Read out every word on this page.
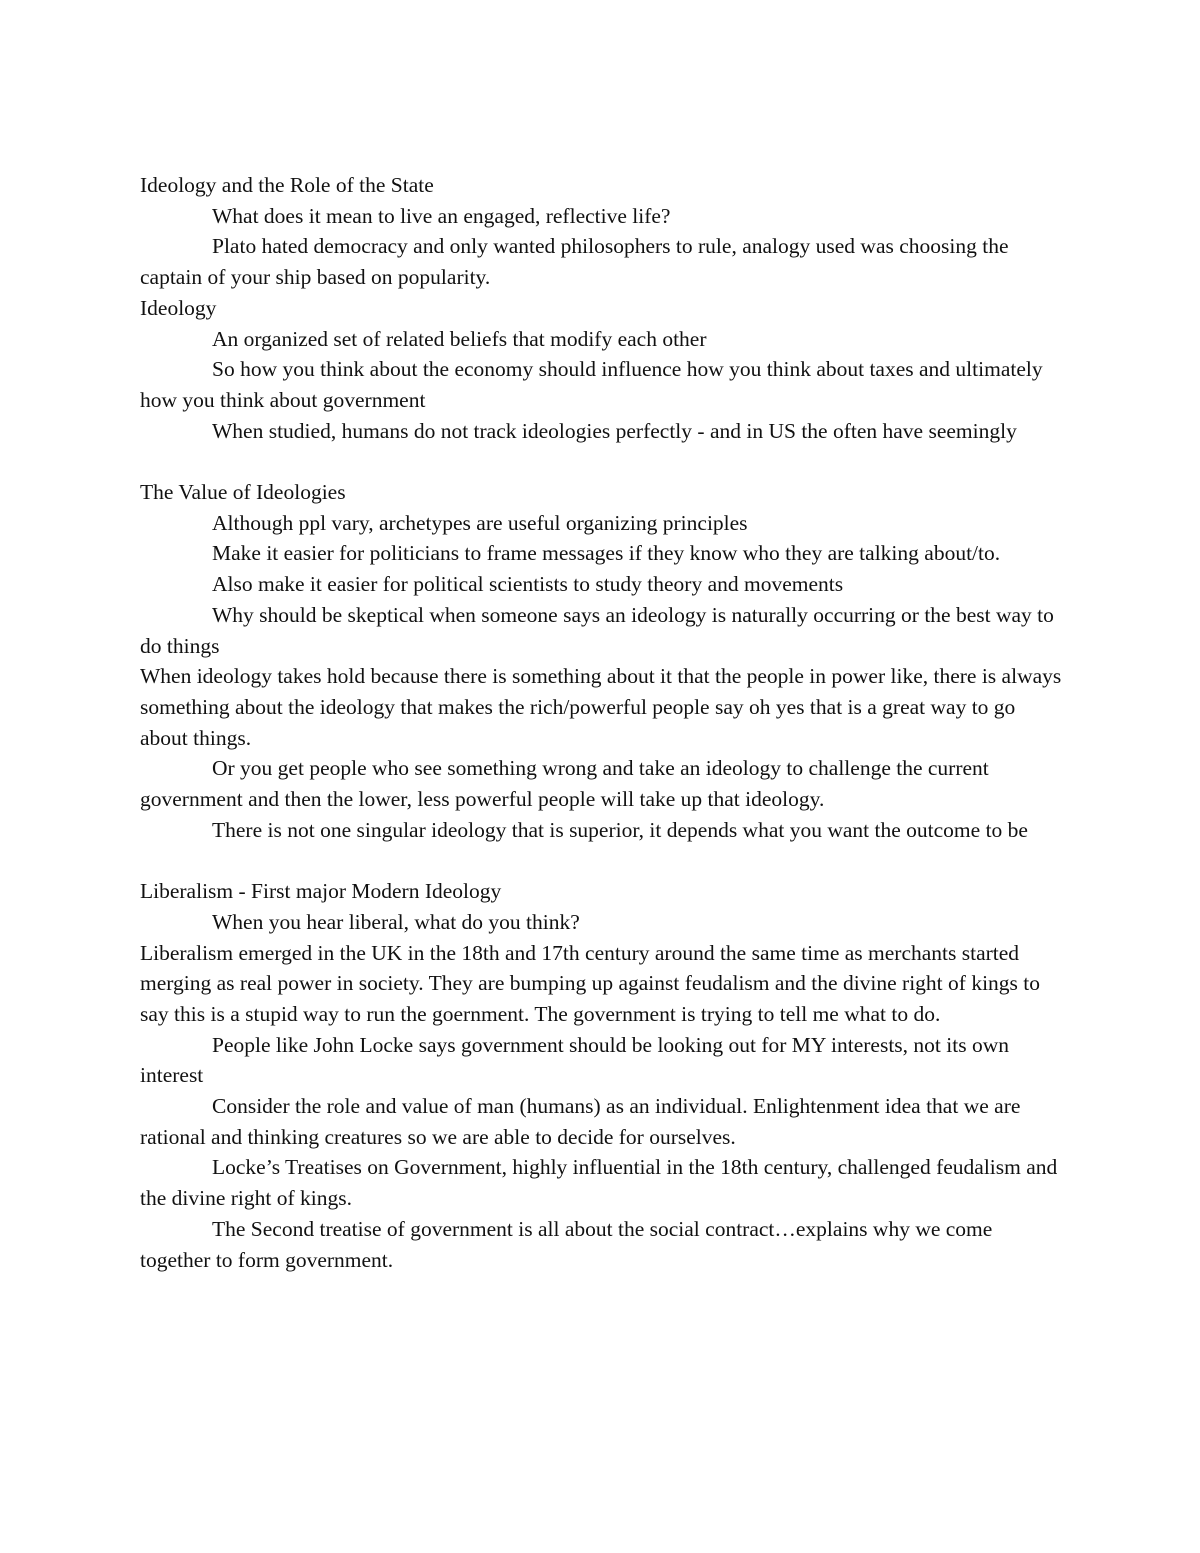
Ideology and the Role of the State

What does it mean to live an engaged, reflective life?

Plato hated democracy and only wanted philosophers to rule, analogy used was choosing the captain of your ship based on popularity.

Ideology

An organized set of related beliefs that modify each other

So how you think about the economy should influence how you think about taxes and ultimately how you think about government

When studied, humans do not track ideologies perfectly - and in US the often have seemingly

The Value of Ideologies

Although ppl vary, archetypes are useful organizing principles

Make it easier for politicians to frame messages if they know who they are talking about/to.

Also make it easier for political scientists to study theory and movements

Why should be skeptical when someone says an ideology is naturally occurring or the best way to do things

When ideology takes hold because there is something about it that the people in power like, there is always something about the ideology that makes the rich/powerful people say oh yes that is a great way to go about things.

Or you get people who see something wrong and take an ideology to challenge the current government and then the lower, less powerful people will take up that ideology.

There is not one singular ideology that is superior, it depends what you want the outcome to be

Liberalism - First major Modern Ideology

When you hear liberal, what do you think?

Liberalism emerged in the UK in the 18th and 17th century around the same time as merchants started merging as real power in society. They are bumping up against feudalism and the divine right of kings to say this is a stupid way to run the goernment. The government is trying to tell me what to do.

People like John Locke says government should be looking out for MY interests, not its own interest

Consider the role and value of man (humans) as an individual. Enlightenment idea that we are rational and thinking creatures so we are able to decide for ourselves.

Locke’s Treatises on Government, highly influential in the 18th century, challenged feudalism and the divine right of kings.

The Second treatise of government is all about the social contract…explains why we come together to form government.
